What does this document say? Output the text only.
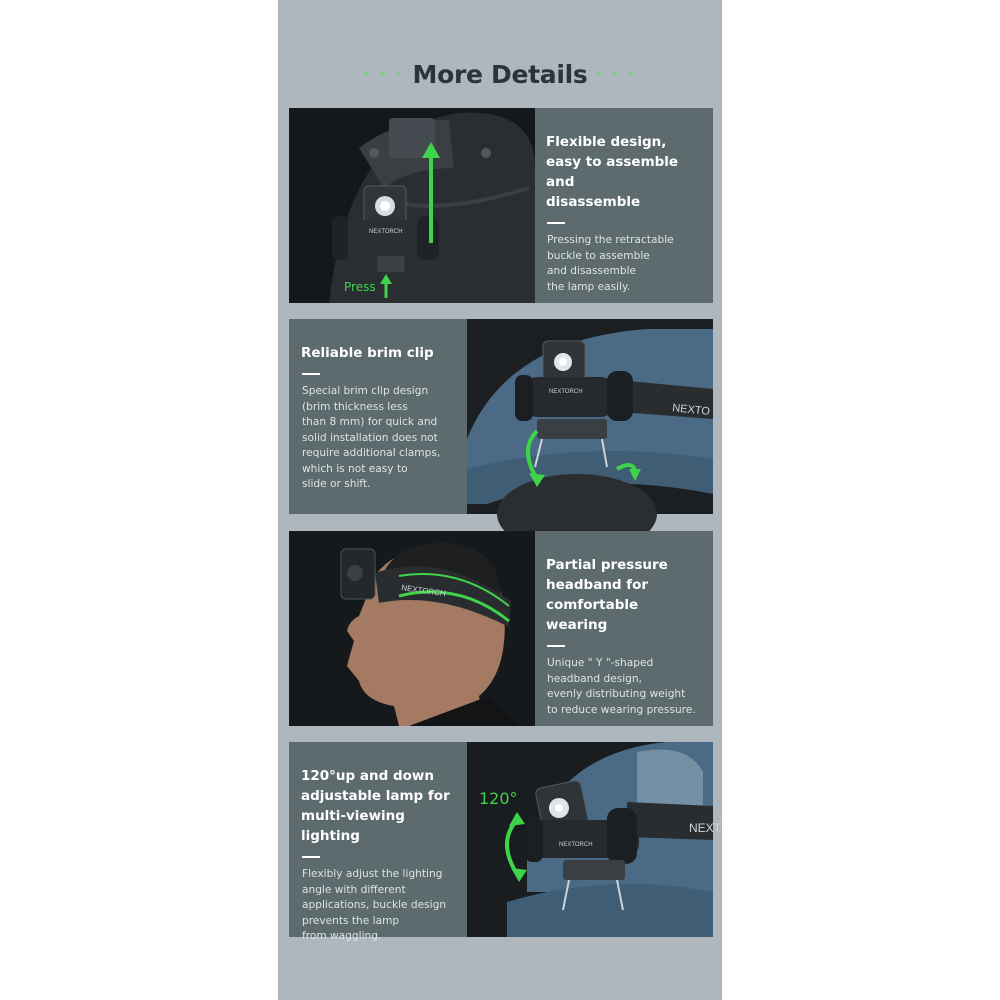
• • • More Details • • •
NEXTORCH
Press
Flexible design,
easy to assemble and
disassemble
Pressing the retractable
buckle to assemble
and disassemble
the lamp easily.
Reliable brim clip
Special brim clip design
(brim thickness less
than 8 mm) for quick and
solid installation does not
require additional clamps,
which is not easy to
slide or shift.
NEXTO
NEXTORCH
NEXTORCH
Partial pressure
headband for
comfortable wearing
Unique " Y "-shaped
headband design,
evenly distributing weight
to reduce wearing pressure.
120°up and down
adjustable lamp for
multi-viewing lighting
Flexibly adjust the lighting
angle with different
applications, buckle design
prevents the lamp
from waggling.
NEXT
NEXTORCH
120°
